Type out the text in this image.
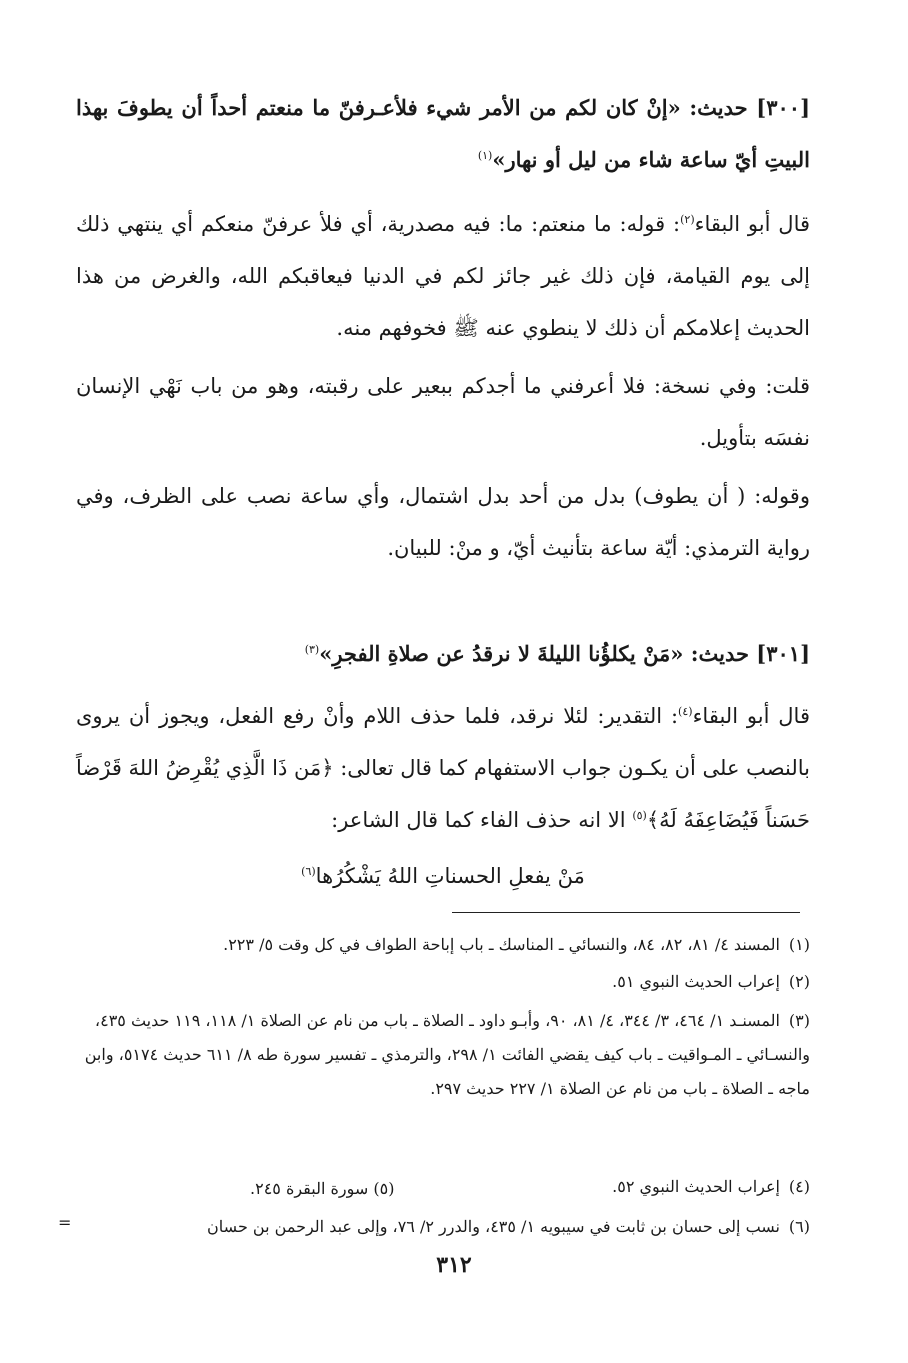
[٣٠٠] حديث: «إنْ كان لكم من الأمر شيء فلأعـرفنّ ما منعتم أحداً أن يطوفَ بهذا البيتِ أيّ ساعة شاء من ليل أو نهار»$^{(١)}$
قال أبو البقاء$^{(٢)}$: قوله: ما منعتم: ما: فيه مصدرية، أي فلأ عرفنّ منعكم أي ينتهي ذلك إلى يوم القيامة، فإن ذلك غير جائز لكم في الدنيا فيعاقبكم الله، والغرض من هذا الحديث إعلامكم أن ذلك لا ينطوي عنه ﷺ فخوفهم منه.
قلت: وفي نسخة: فلا أعرفني ما أجدكم ببعير على رقبته، وهو من باب نَهْي الإنسان نفسَه بتأويل.
وقوله: ( أن يطوف) بدل من أحد بدل اشتمال، وأي ساعة نصب على الظرف، وفي رواية الترمذي: أيّة ساعة بتأنيث أيّ، و منْ: للبيان.
[٣٠١] حديث: «مَنْ يكلؤُنا الليلةَ لا نرقدُ عن صلاةِ الفجرِ»$^{(٣)}$
قال أبو البقاء$^{(٤)}$: التقدير: لئلا نرقد، فلما حذف اللام وأنْ رفع الفعل، ويجوز أن يروى بالنصب على أن يكـون جواب الاستفهام كما قال تعالى: ﴿مَن ذَا الَّذِي يُقْرِضُ اللهَ قَرْضاً حَسَناً فَيُضَاعِفَهُ لَهُ﴾$^{(٥)}$ الا انه حذف الفاء كما قال الشاعر:
مَنْ يفعلِ الحسناتِ اللهُ يَشْكُرُها$^{(٦)}$
(١)المسند ٤/ ٨١، ٨٢، ٨٤، والنسائي ـ المناسك ـ باب إباحة الطواف في كل وقت ٥/ ٢٢٣.
(٢)إعراب الحديث النبوي ٥١.
(٣)المسنـد ١/ ٤٦٤، ٣/ ٣٤٤، ٤/ ٨١، ٩٠، وأبـو داود ـ الصلاة ـ باب من نام عن الصلاة ١/ ١١٨، ١١٩ حديث ٤٣٥، والنسـائي ـ المـواقيت ـ باب كيف يقضي الفائت ١/ ٢٩٨، والترمذي ـ تفسير سورة طه ٨/ ٦١١ حديث ٥١٧٤، وابن ماجه ـ الصلاة ـ باب من نام عن الصلاة ١/ ٢٢٧ حديث ٢٩٧.
(٤)إعراب الحديث النبوي ٥٢.
(٥) سورة البقرة ٢٤٥.
(٦)نسب إلى حسان بن ثابت في سيبويه ١/ ٤٣٥، والدرر ٢/ ٧٦، وإلى عبد الرحمن بن حسان
=
٣١٢
